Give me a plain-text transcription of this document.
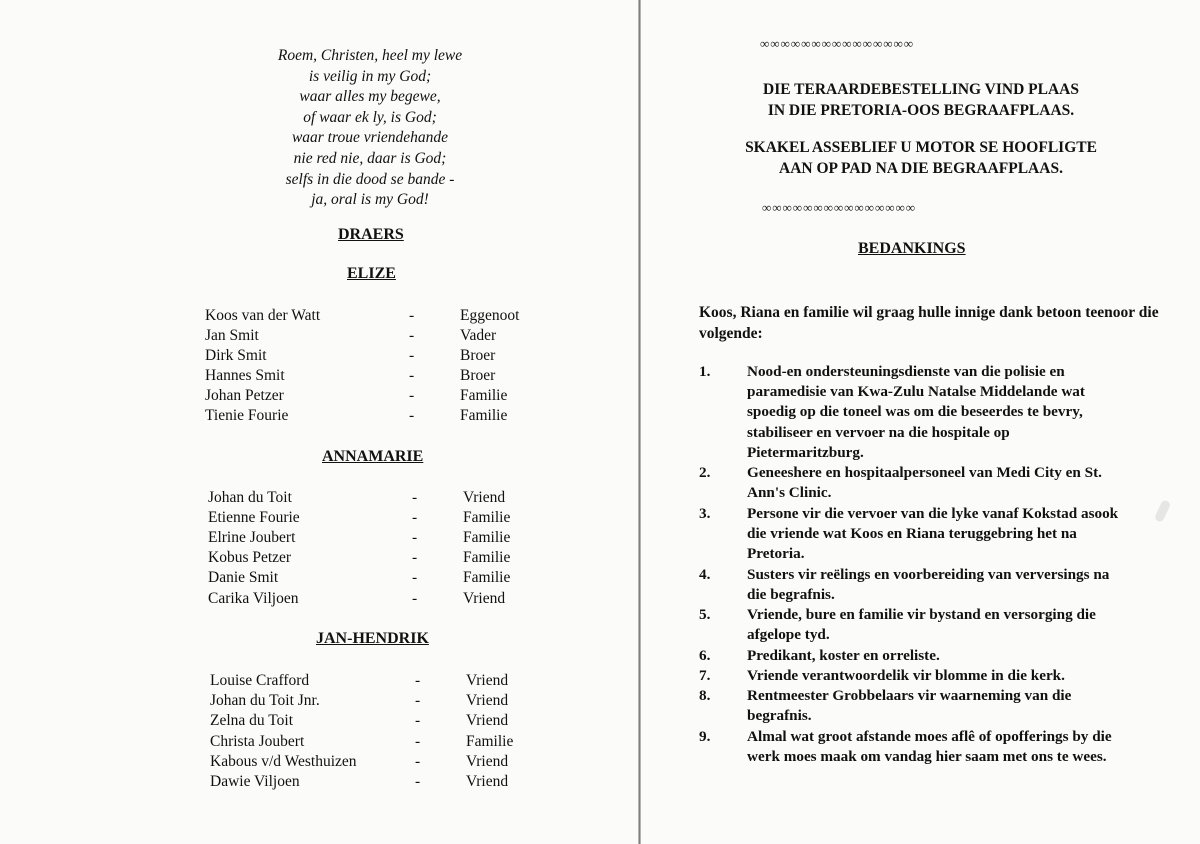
Roem, Christen, heel my lewe
is veilig in my God;
waar alles my begewe,
of waar ek ly, is God;
waar troue vriendehande
nie red nie, daar is God;
selfs in die dood se bande -
ja, oral is my God!
DRAERS
ELIZE
Koos van der Watt	-	Eggenoot
Jan Smit	-	Vader
Dirk Smit	-	Broer
Hannes Smit	-	Broer
Johan Petzer	-	Familie
Tienie Fourie	-	Familie
ANNAMARIE
Johan du Toit	-	Vriend
Etienne Fourie	-	Familie
Elrine Joubert	-	Familie
Kobus Petzer	-	Familie
Danie Smit	-	Familie
Carika Viljoen	-	Vriend
JAN-HENDRIK
Louise Crafford	-	Vriend
Johan du Toit Jnr.	-	Vriend
Zelna du Toit	-	Vriend
Christa Joubert	-	Familie
Kabous v/d Westhuizen	-	Vriend
Dawie Viljoen	-	Vriend
∞∞∞∞∞∞∞∞∞∞∞∞∞∞∞
DIE TERAARDEBESTELLING VIND PLAAS
IN DIE PRETORIA-OOS BEGRAAFPLAAS.
SKAKEL ASSEBLIEF U MOTOR SE HOOFLIGTE
AAN OP PAD NA DIE BEGRAAFPLAAS.
∞∞∞∞∞∞∞∞∞∞∞∞∞∞∞
BEDANKINGS
Koos, Riana en familie wil graag hulle innige dank betoon teenoor die volgende:
1.	Nood-en ondersteuningsdienste van die polisie en paramedisie van Kwa-Zulu Natalse Middelande wat spoedig op die toneel was om die beseerdes te bevry, stabiliseer en vervoer na die hospitale op Pietermaritzburg.
2.	Geneeshere en hospitaalpersoneel van Medi City en St. Ann's Clinic.
3.	Persone vir die vervoer van die lyke vanaf Kokstad asook die vriende wat Koos en Riana teruggebring het na Pretoria.
4.	Susters vir reëlings en voorbereiding van verversings na die begrafnis.
5.	Vriende, bure en familie vir bystand en versorging die afgelope tyd.
6.	Predikant, koster en orreliste.
7.	Vriende verantwoordelik vir blomme in die kerk.
8.	Rentmeester Grobbelaars vir waarneming van die begrafnis.
9.	Almal wat groot afstande moes aflê of opofferings by die werk moes maak om vandag hier saam met ons te wees.
